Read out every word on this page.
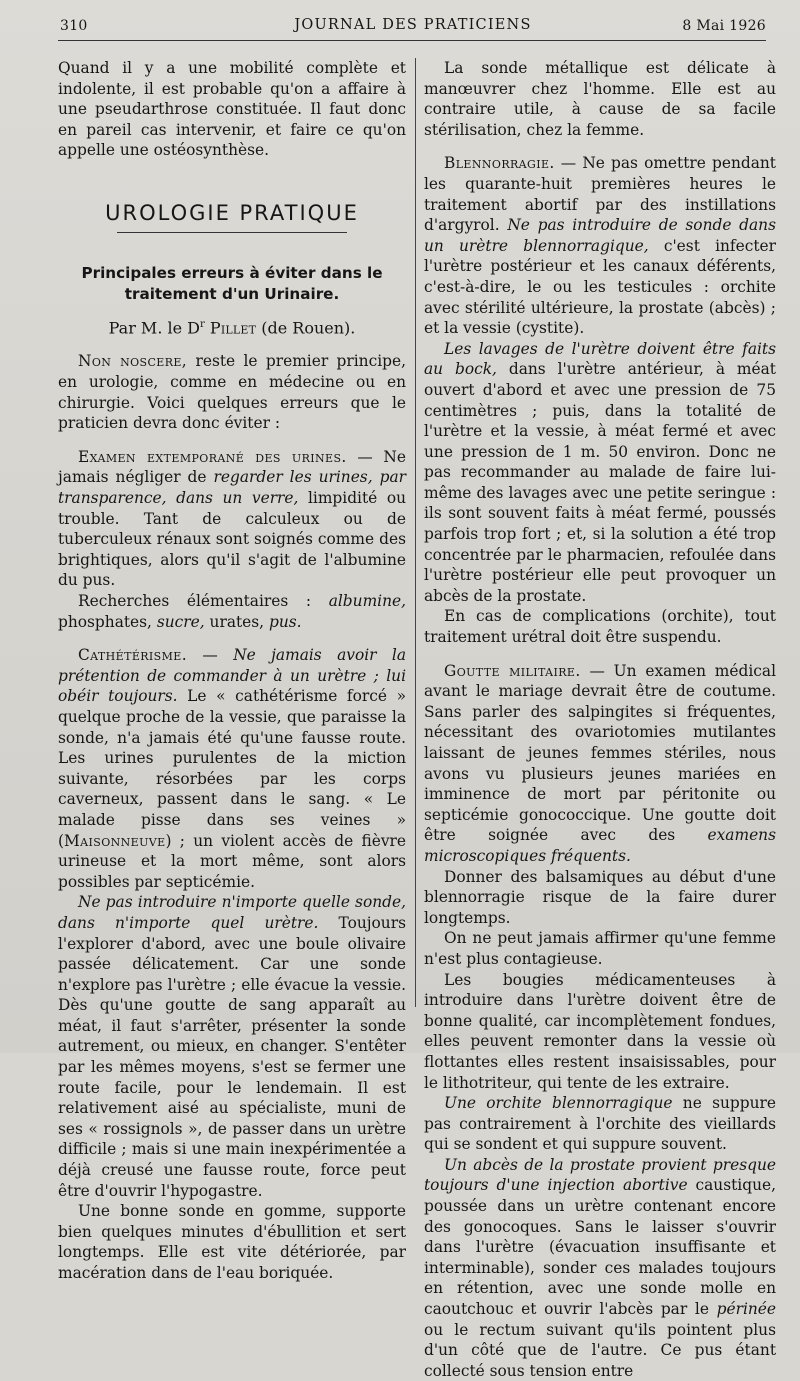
310	JOURNAL DES PRATICIENS	8 Mai 1926

Quand il y a une mobilité complète et indolente, il est probable qu'on a affaire à une pseudarthrose constituée. Il faut donc en pareil cas intervenir, et faire ce qu'on appelle une ostéosynthèse.

UROLOGIE PRATIQUE
Principales erreurs à éviter dans le traitement d'un Urinaire.
Par M. le $D^r$ Pillet (de Rouen).

Non noscere, reste le premier principe, en urologie, comme en médecine ou en chirurgie. Voici quelques erreurs que le praticien devra donc éviter :

Examen extemporané des urines. — Ne jamais négliger de regarder les urines, par transparence, dans un verre, limpidité ou trouble. Tant de calculeux ou de tuberculeux rénaux sont soignés comme des brightiques, alors qu'il s'agit de l'albumine du pus.

Recherches élémentaires : albumine, phosphates, sucre, urates, pus.

Cathétérisme. — Ne jamais avoir la prétention de commander à un urètre ; lui obéir toujours. Le « cathétérisme forcé » quelque proche de la vessie, que paraisse la sonde, n'a jamais été qu'une fausse route. Les urines purulentes de la miction suivante, résorbées par les corps caverneux, passent dans le sang. « Le malade pisse dans ses veines » (Maisonneuve) ; un violent accès de fièvre urineuse et la mort même, sont alors possibles par septicémie.

Ne pas introduire n'importe quelle sonde, dans n'importe quel urètre. Toujours l'explorer d'abord, avec une boule olivaire passée délicatement. Car une sonde n'explore pas l'urètre ; elle évacue la vessie. Dès qu'une goutte de sang apparaît au méat, il faut s'arrêter, présenter la sonde autrement, ou mieux, en changer. S'entêter par les mêmes moyens, s'est se fermer une route facile, pour le lendemain. Il est relativement aisé au spécialiste, muni de ses « rossignols », de passer dans un urètre difficile ; mais si une main inexpérimentée a déjà creusé une fausse route, force peut être d'ouvrir l'hypogastre.

Une bonne sonde en gomme, supporte bien quelques minutes d'ébullition et sert longtemps. Elle est vite détériorée, par macération dans de l'eau boriquée.

La sonde métallique est délicate à manœuvrer chez l'homme. Elle est au contraire utile, à cause de sa facile stérilisation, chez la femme.

Blennorragie. — Ne pas omettre pendant les quarante-huit premières heures le traitement abortif par des instillations d'argyrol. Ne pas introduire de sonde dans un urètre blennorragique, c'est infecter l'urètre postérieur et les canaux déférents, c'est-à-dire, le ou les testicules : orchite avec stérilité ultérieure, la prostate (abcès) ; et la vessie (cystite).

Les lavages de l'urètre doivent être faits au bock, dans l'urètre antérieur, à méat ouvert d'abord et avec une pression de 75 centimètres ; puis, dans la totalité de l'urètre et la vessie, à méat fermé et avec une pression de 1 m. 50 environ. Donc ne pas recommander au malade de faire lui-même des lavages avec une petite seringue : ils sont souvent faits à méat fermé, poussés parfois trop fort ; et, si la solution a été trop concentrée par le pharmacien, refoulée dans l'urètre postérieur elle peut provoquer un abcès de la prostate.

En cas de complications (orchite), tout traitement urétral doit être suspendu.

Goutte militaire. — Un examen médical avant le mariage devrait être de coutume. Sans parler des salpingites si fréquentes, nécessitant des ovariotomies mutilantes laissant de jeunes femmes stériles, nous avons vu plusieurs jeunes mariées en imminence de mort par péritonite ou septicémie gonococcique. Une goutte doit être soignée avec des examens microscopiques fréquents.

Donner des balsamiques au début d'une blennorragie risque de la faire durer longtemps.

On ne peut jamais affirmer qu'une femme n'est plus contagieuse.

Les bougies médicamenteuses à introduire dans l'urètre doivent être de bonne qualité, car incomplètement fondues, elles peuvent remonter dans la vessie où flottantes elles restent insaisissables, pour le lithotriteur, qui tente de les extraire.

Une orchite blennorragique ne suppure pas contrairement à l'orchite des vieillards qui se sondent et qui suppure souvent.

Un abcès de la prostate provient presque toujours d'une injection abortive caustique, poussée dans un urètre contenant encore des gonocoques. Sans le laisser s'ouvrir dans l'urètre (évacuation insuffisante et interminable), sonder ces malades toujours en rétention, avec une sonde molle en caoutchouc et ouvrir l'abcès par le périnée ou le rectum suivant qu'ils pointent plus d'un côté que de l'autre. Ce pus étant collecté sous tension entre
